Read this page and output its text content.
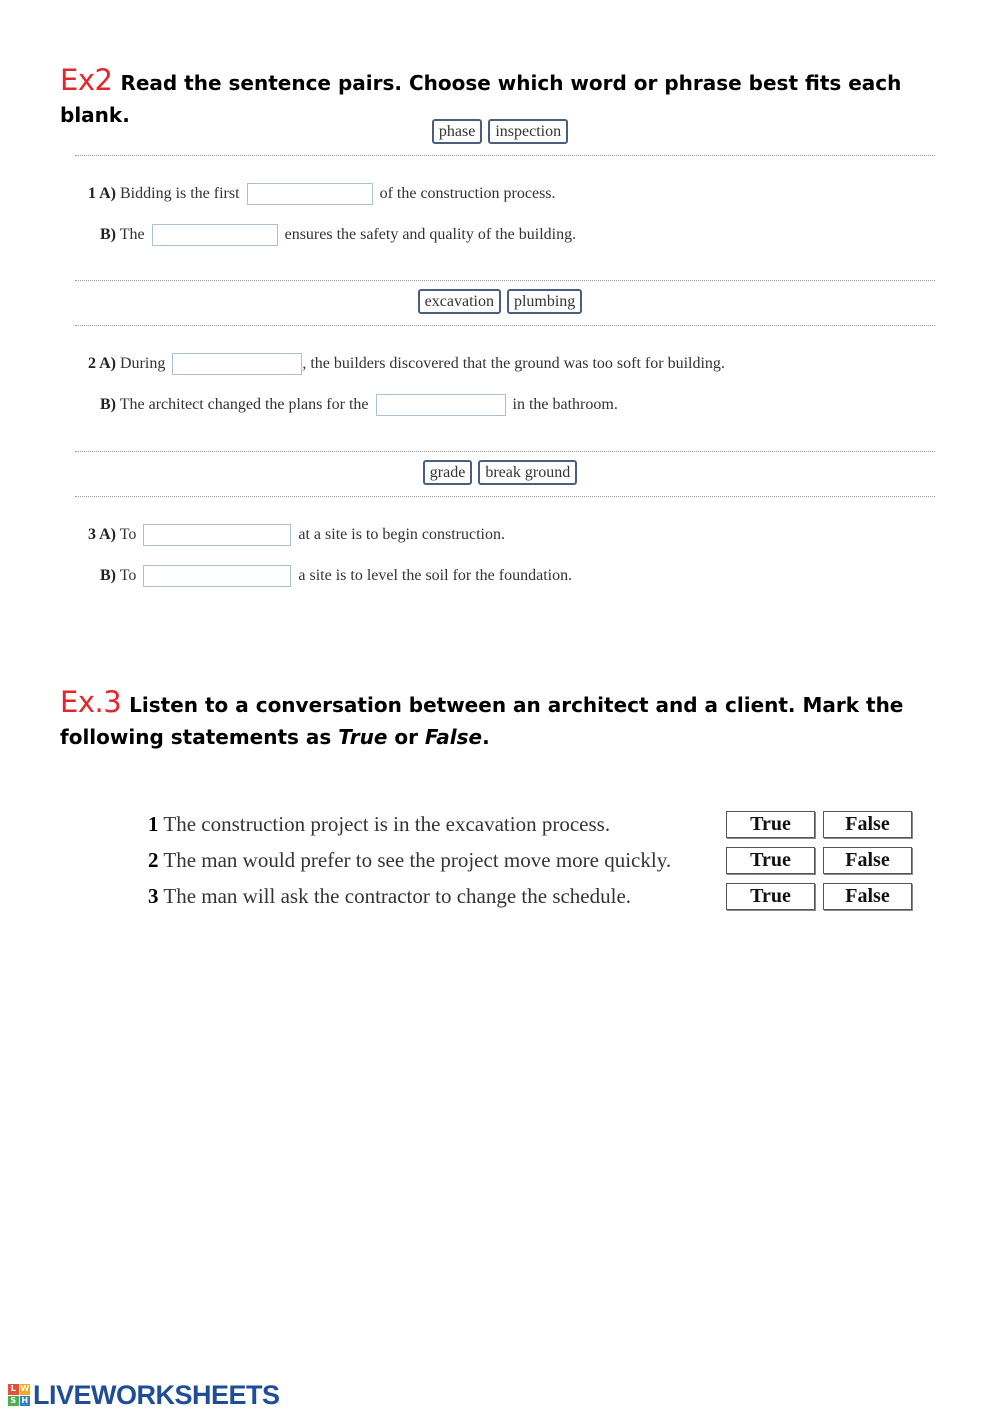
Ex2 Read the sentence pairs. Choose which word or phrase best fits each blank.
phase inspection
1 A) Bidding is the first	of the construction process.
B) The	ensures the safety and quality of the building.
excavation plumbing
2 A) During	, the builders discovered that the ground was too soft for building.
B) The architect changed the plans for the	in the bathroom.
grade break ground
3 A) To	at a site is to begin construction.
B) To	a site is to level the soil for the foundation.
Ex.3 Listen to a conversation between an architect and a client. Mark the following statements as True or False.
1 The construction project is in the excavation process.	True	False
2 The man would prefer to see the project move more quickly.	True	False
3 The man will ask the contractor to change the schedule.	True	False
L W
S H LIVEWORKSHEETS
